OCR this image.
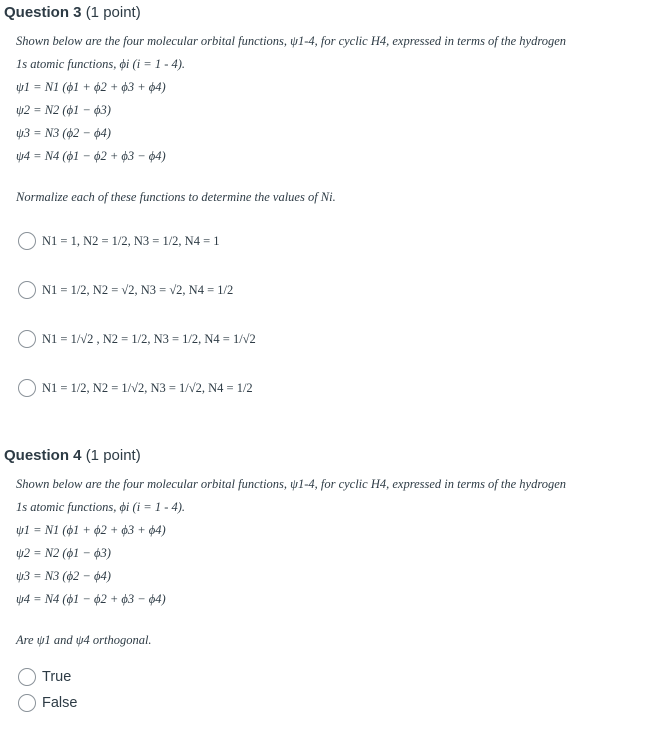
Question 3 (1 point)
Shown below are the four molecular orbital functions, ψ1-4, for cyclic H4, expressed in terms of the hydrogen
1s atomic functions, ϕi (i = 1 - 4).
ψ1 = N1 (ϕ1 + ϕ2 + ϕ3 + ϕ4)
ψ2 = N2 (ϕ1 − ϕ3)
ψ3 = N3 (ϕ2 − ϕ4)
ψ4 = N4 (ϕ1 − ϕ2 + ϕ3 − ϕ4)
Normalize each of these functions to determine the values of Ni.
N1 = 1, N2 = 1/2, N3 = 1/2, N4 = 1
N1 = 1/2, N2 = √2, N3 = √2, N4 = 1/2
N1 = 1/√2 , N2 = 1/2, N3 = 1/2, N4 = 1/√2
N1 = 1/2, N2 = 1/√2, N3 = 1/√2, N4 = 1/2
Question 4 (1 point)
Shown below are the four molecular orbital functions, ψ1-4, for cyclic H4, expressed in terms of the hydrogen
1s atomic functions, ϕi (i = 1 - 4).
ψ1 = N1 (ϕ1 + ϕ2 + ϕ3 + ϕ4)
ψ2 = N2 (ϕ1 − ϕ3)
ψ3 = N3 (ϕ2 − ϕ4)
ψ4 = N4 (ϕ1 − ϕ2 + ϕ3 − ϕ4)
Are ψ1 and ψ4 orthogonal.
True
False
